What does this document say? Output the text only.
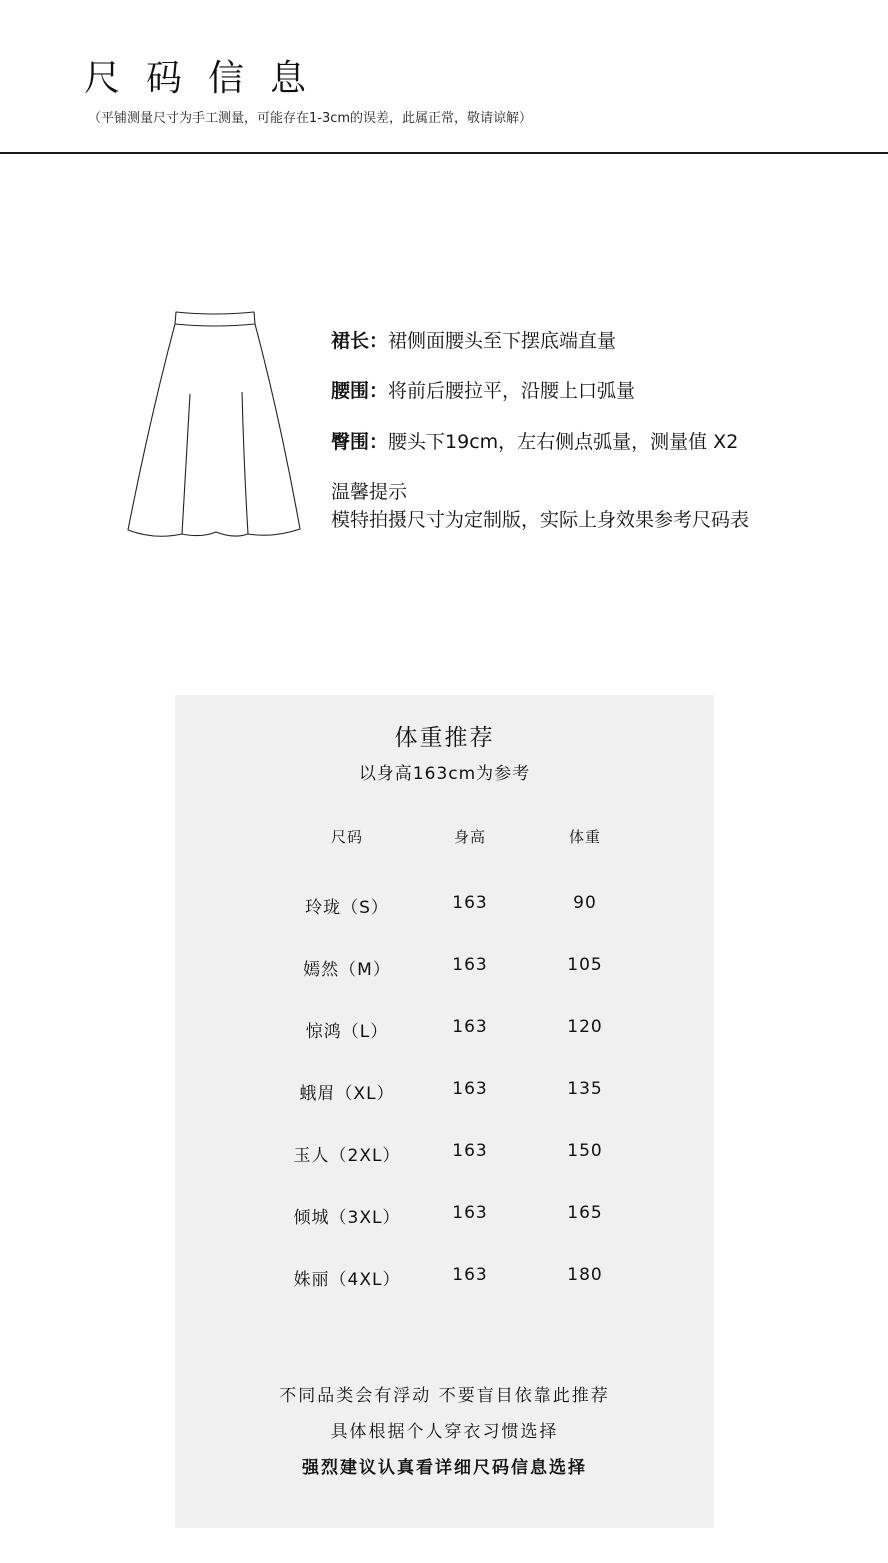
尺码信息
（平铺测量尺寸为手工测量，可能存在1-3cm的误差，此属正常，敬请谅解）
裙长：裙侧面腰头至下摆底端直量
腰围：将前后腰拉平，沿腰上口弧量
臀围：腰头下19cm，左右侧点弧量，测量值 X2
温馨提示
模特拍摄尺寸为定制版，实际上身效果参考尺码表
体重推荐
以身高163cm为参考
尺码	身高	体重
玲珑（S）	163	90
嫣然（M）	163	105
惊鸿（L）	163	120
蛾眉（XL）	163	135
玉人（2XL）	163	150
倾城（3XL）	163	165
姝丽（4XL）	163	180
不同品类会有浮动 不要盲目依靠此推荐
具体根据个人穿衣习惯选择
强烈建议认真看详细尺码信息选择
